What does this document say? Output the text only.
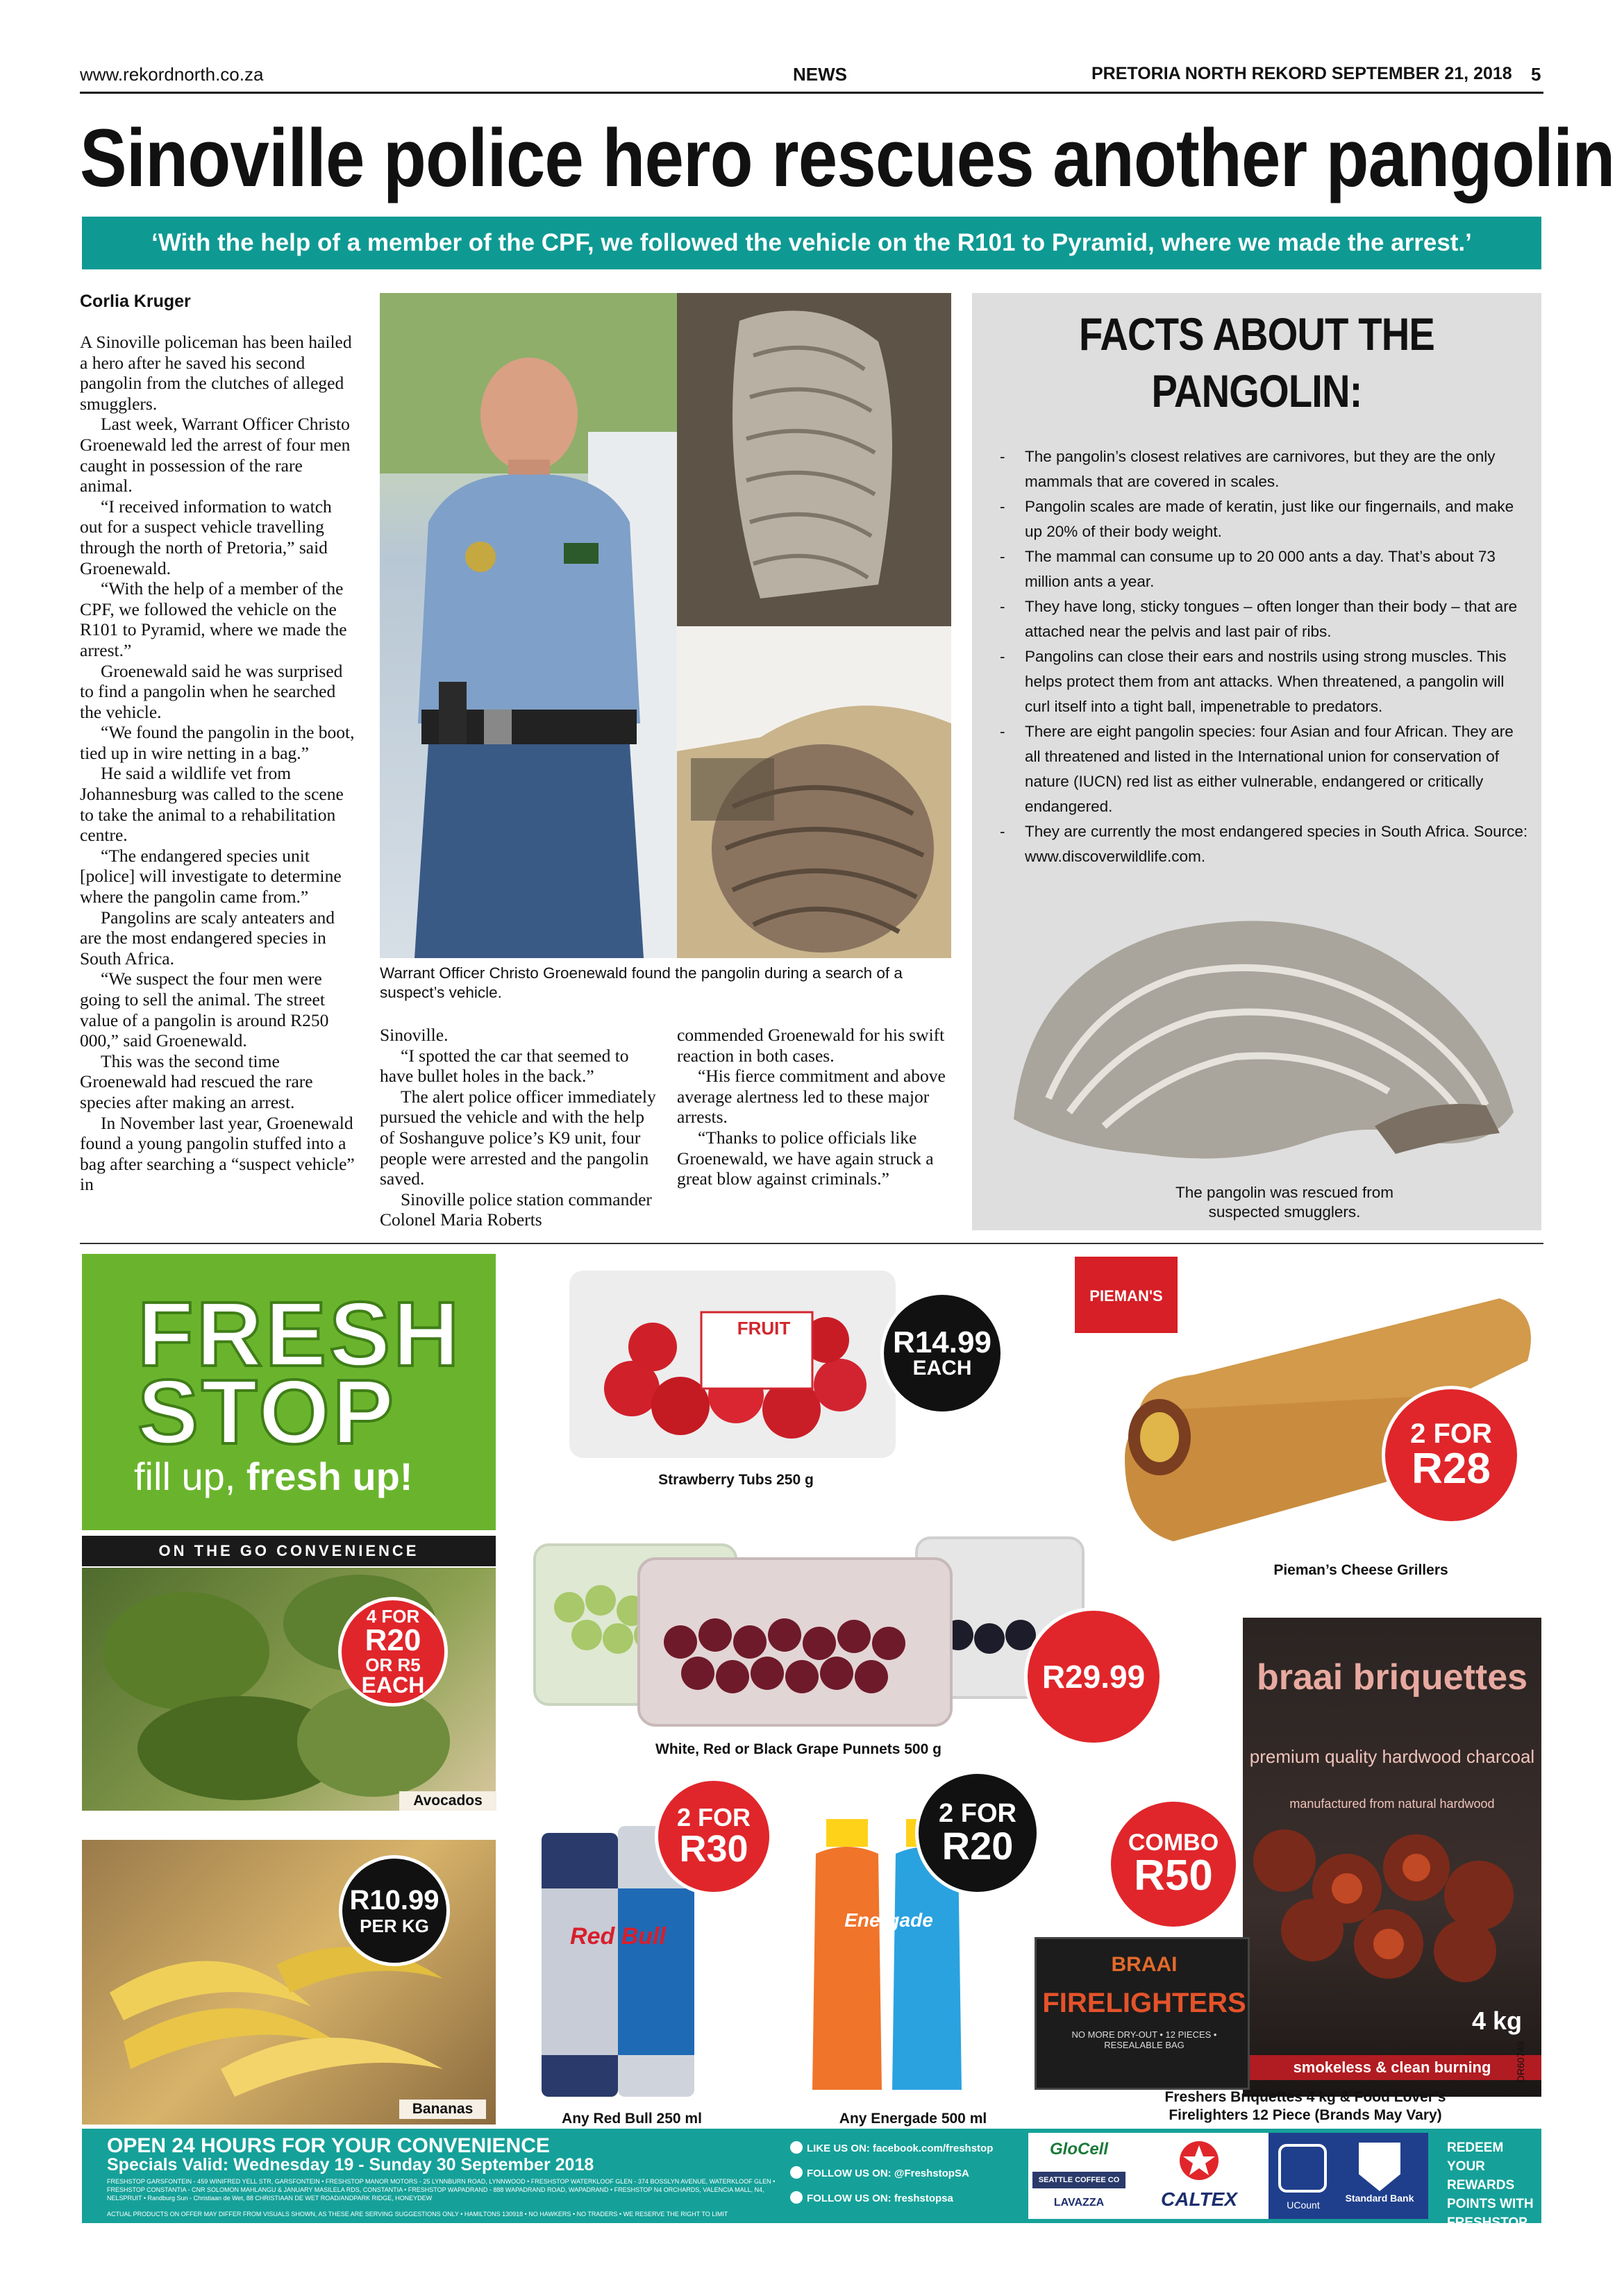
www.rekordnorth.co.za	NEWS	PRETORIA NORTH REKORD SEPTEMBER 21, 2018 5
Sinoville police hero rescues another pangolin
‘With the help of a member of the CPF, we followed the vehicle on the R101 to Pyramid, where we made the arrest.’
Corlia Kruger

A Sinoville policeman has been hailed a hero after he saved his second pangolin from the clutches of alleged smugglers.

Last week, Warrant Officer Christo Groenewald led the arrest of four men caught in possession of the rare animal.

“I received information to watch out for a suspect vehicle travelling through the north of Pretoria,” said Groenewald.

“With the help of a member of the CPF, we followed the vehicle on the R101 to Pyramid, where we made the arrest.”

Groenewald said he was surprised to find a pangolin when he searched the vehicle.

“We found the pangolin in the boot, tied up in wire netting in a bag.”

He said a wildlife vet from Johannesburg was called to the scene to take the animal to a rehabilitation centre.

“The endangered species unit [police] will investigate to determine where the pangolin came from.”

Pangolins are scaly anteaters and are the most endangered species in South Africa.

“We suspect the four men were going to sell the animal. The street value of a pangolin is around R250 000,” said Groenewald.

This was the second time Groenewald had rescued the rare species after making an arrest.

In November last year, Groenewald found a young pangolin stuffed into a bag after searching a “suspect vehicle” in

Warrant Officer Christo Groenewald found the pangolin during a search of a suspect’s vehicle.

Sinoville.

“I spotted the car that seemed to have bullet holes in the back.”

The alert police officer immediately pursued the vehicle and with the help of Soshanguve police’s K9 unit, four people were arrested and the pangolin saved.

Sinoville police station commander Colonel Maria Roberts

commended Groenewald for his swift reaction in both cases.

“His fierce commitment and above average alertness led to these major arrests.

“Thanks to police officials like Groenewald, we have again struck a great blow against criminals.”

FACTS ABOUT THE PANGOLIN:
- The pangolin’s closest relatives are carnivores, but they are the only mammals that are covered in scales.
- Pangolin scales are made of keratin, just like our fingernails, and make up 20% of their body weight.
- The mammal can consume up to 20 000 ants a day. That’s about 73 million ants a year.
- They have long, sticky tongues – often longer than their body – that are attached near the pelvis and last pair of ribs.
- Pangolins can close their ears and nostrils using strong muscles. This helps protect them from ant attacks. When threatened, a pangolin will curl itself into a tight ball, impenetrable to predators.
- There are eight pangolin species: four Asian and four African. They are all threatened and listed in the International union for conservation of nature (IUCN) red list as either vulnerable, endangered or critically endangered.
- They are currently the most endangered species in South Africa. Source: www.discoverwildlife.com.
The pangolin was rescued from suspected smugglers.
FRESH
STOP
fill up, fresh up!
ON THE GO CONVENIENCE
4 FOR
R20
OR R5
EACH
Avocados
R10.99
PER KG
Bananas
FRUIT	R14.99
EACH
Strawberry Tubs 250 g
PIEMAN'S
2 FOR
R28
Pieman’s Cheese Grillers
R29.99
White, Red or Black Grape Punnets 500 g
Red Bull
2 FOR
R30
Any Red Bull 250 ml
Energade
2 FOR
R20
Any Energade 500 ml
braai briquettes
premium quality hardwood charcoal
manufactured from natural hardwood
4 kg
smokeless & clean burning
COMBO
R50
BRAAI
FIRELIGHTERS
NO MORE DRY-OUT • 12 PIECES • RESEALABLE BAG
Freshers Briquettes 4 kg & Food Lover’s Firelighters 12 Piece (Brands May Vary)
OR60749
OPEN 24 HOURS FOR YOUR CONVENIENCE
Specials Valid: Wednesday 19 - Sunday 30 September 2018
FRESHSTOP GARSFONTEIN - 459 WINIFRED YELL STR, GARSFONTEIN • FRESHSTOP MANOR MOTORS - 25 LYNNBURN ROAD, LYNNWOOD • FRESHSTOP WATERKLOOF GLEN - 374 BOSSLYN AVENUE, WATERKLOOF GLEN • FRESHSTOP CONSTANTIA - CNR SOLOMON MAHLANGU & JANUARY MASILELA RDS, CONSTANTIA • FRESHSTOP WAPADRAND - 888 WAPADRAND ROAD, WAPADRAND • FRESHSTOP N4 ORCHARDS, VALENCIA MALL, N4, NELSPRUIT • Randburg Sun - Christiaan de Wet, 88 CHRISTIAAN DE WET ROAD/ANDPARK RIDGE, HONEYDEW
ACTUAL PRODUCTS ON OFFER MAY DIFFER FROM VISUALS SHOWN, AS THESE ARE SERVING SUGGESTIONS ONLY • HAMILTONS 130918 • NO HAWKERS • NO TRADERS • WE RESERVE THE RIGHT TO LIMIT
LIKE US ON: facebook.com/freshstop
FOLLOW US ON: @FreshstopSA
FOLLOW US ON: freshstopsa
GloCell
SEATTLE COFFEE CO
LAVAZZA	CALTEX	UCount
Standard Bank
REDEEM YOUR REWARDS POINTS WITH FRESHSTOP AT CALTEX.
